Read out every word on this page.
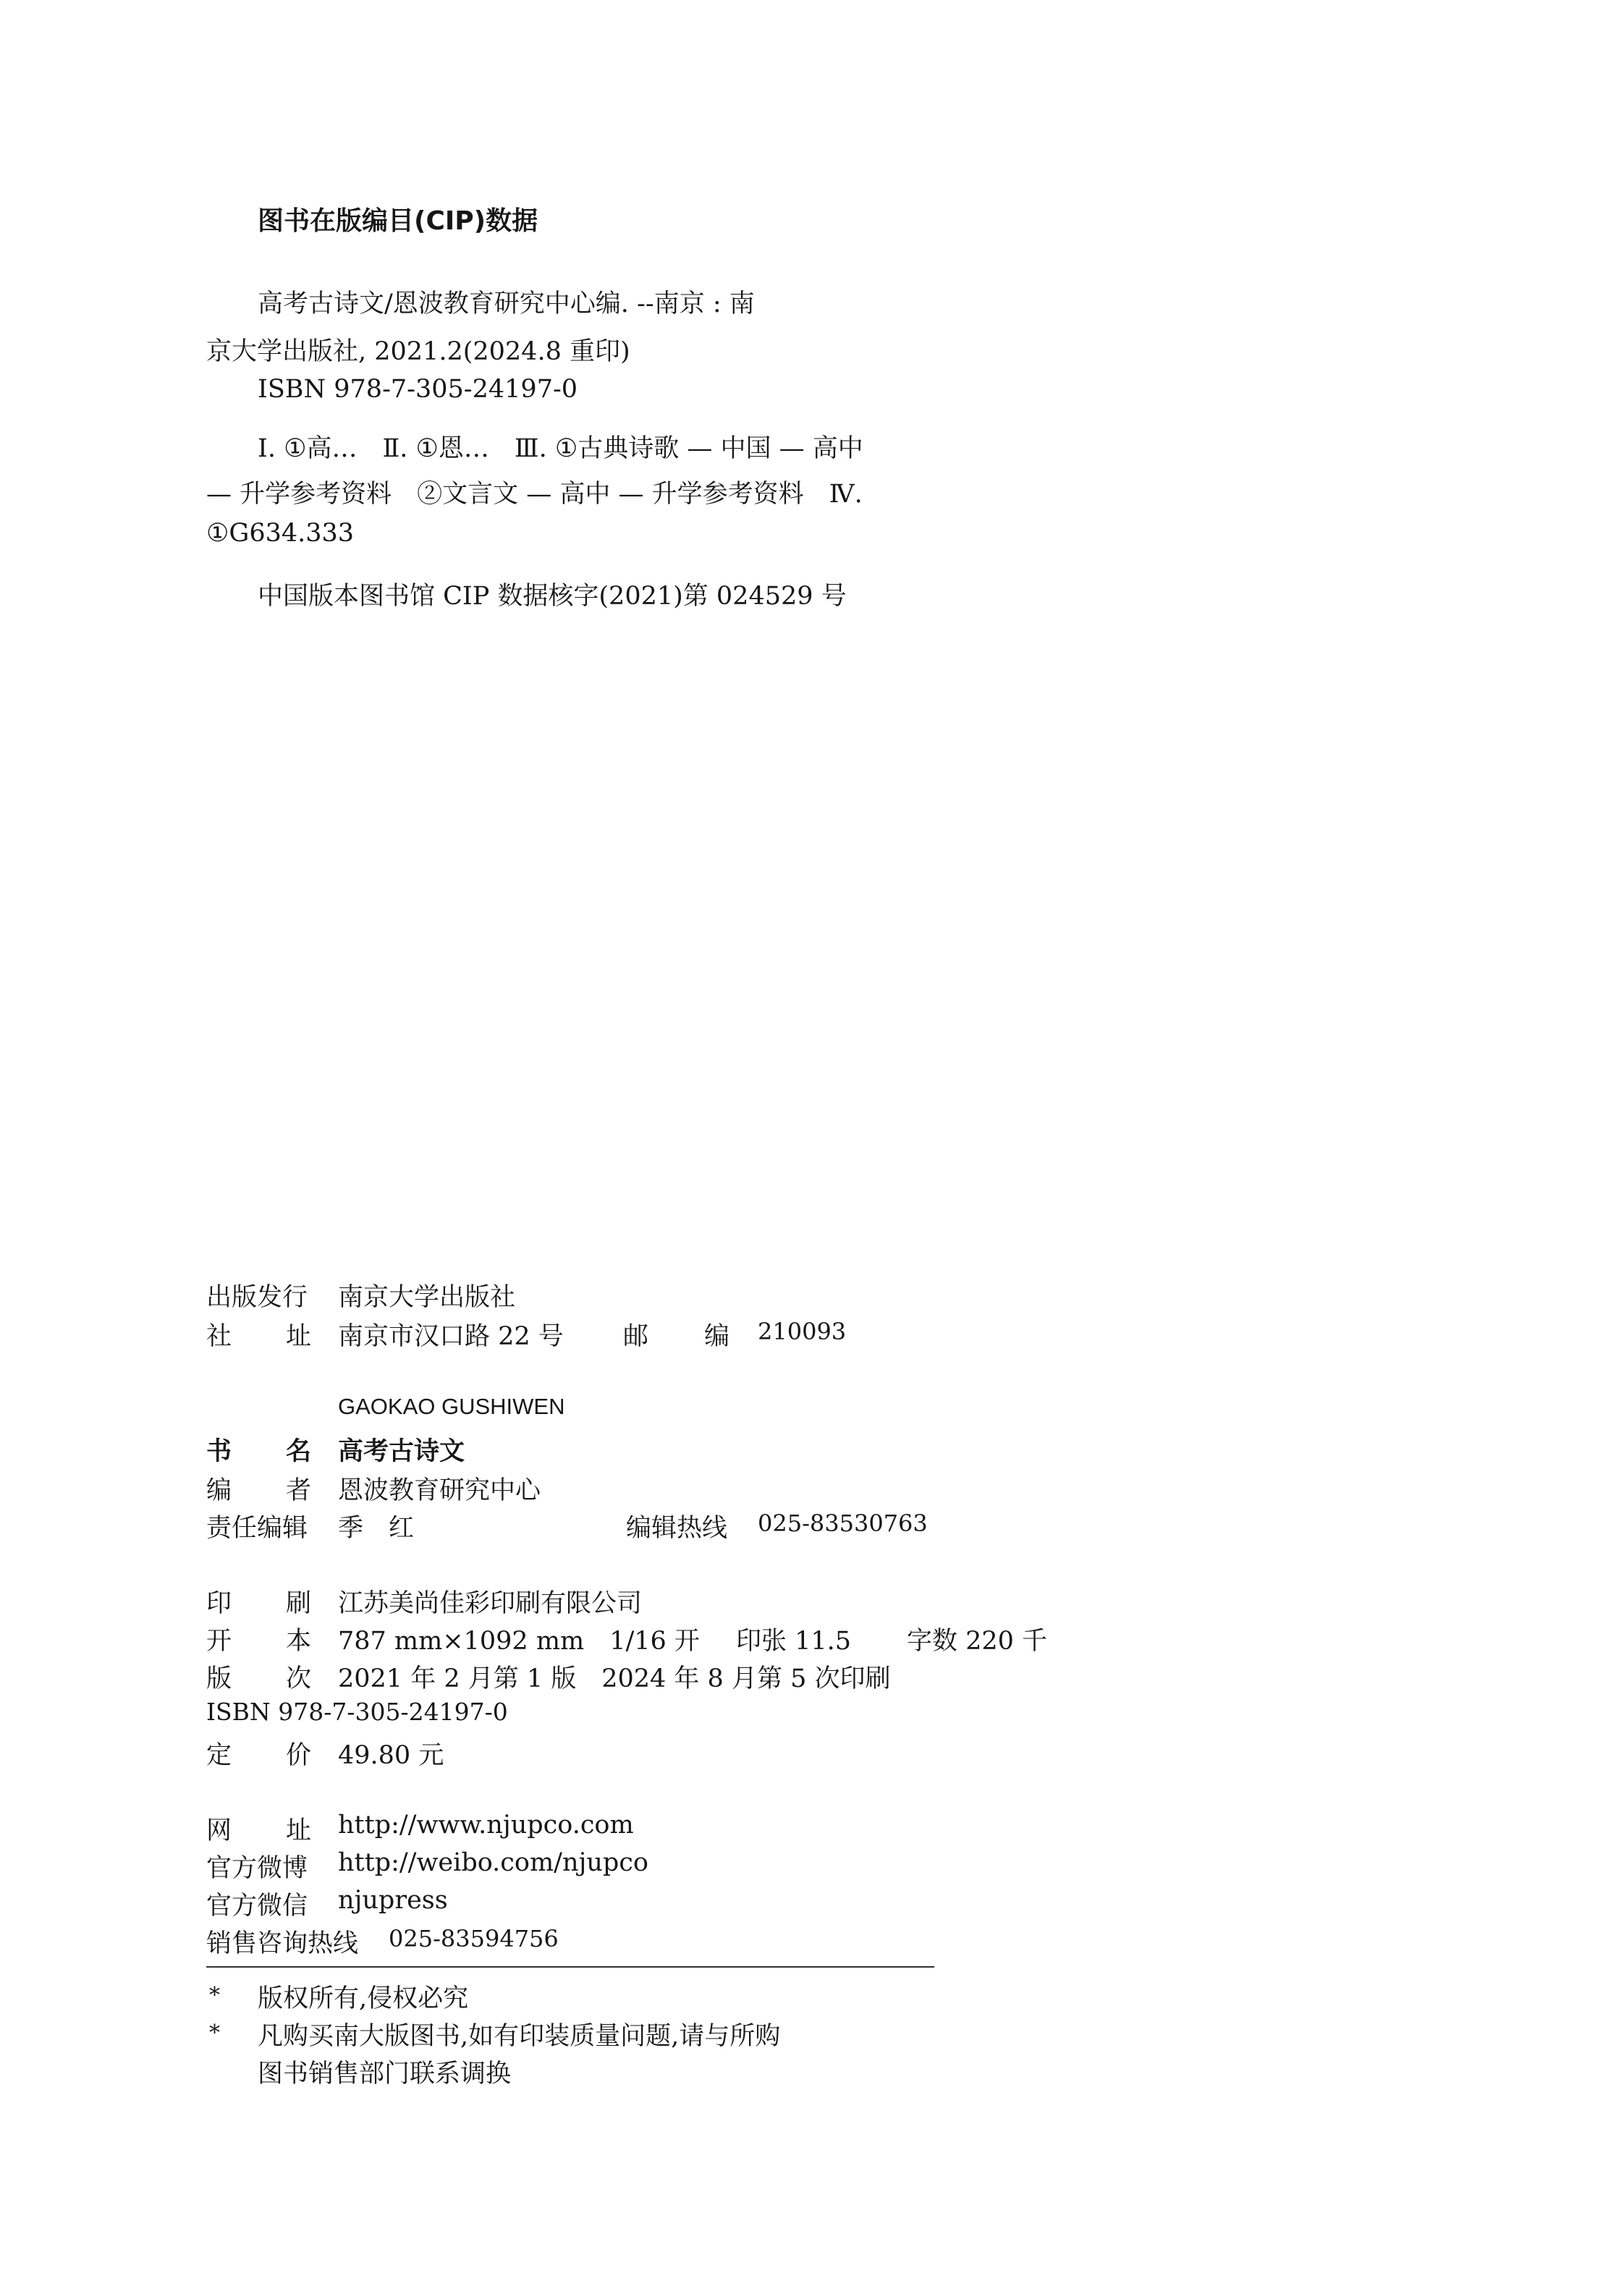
图书在版编目(CIP)数据
高考古诗文/恩波教育研究中心编. --南京 : 南
京大学出版社, 2021.2(2024.8 重印)
ISBN 978-7-305-24197-0
Ⅰ. ①高…　Ⅱ. ①恩…　Ⅲ. ①古典诗歌 — 中国 — 高中
— 升学参考资料　②文言文 — 高中 — 升学参考资料　Ⅳ.
①G634.333
中国版本图书馆 CIP 数据核字(2021)第 024529 号
出版发行 南京大学出版社
社 址 南京市汉口路 22 号 邮 编 210093
GAOKAO GUSHIWEN
书 名 高考古诗文
编 者 恩波教育研究中心
责任编辑 季　红	编辑热线 025-83530763
印 刷 江苏美尚佳彩印刷有限公司
开 本 787 mm×1092 mm　1/16 开 印张 11.5 字数 220 千
版 次 2021 年 2 月第 1 版　2024 年 8 月第 5 次印刷
ISBN 978-7-305-24197-0
定 价 49.80 元
网 址 http://www.njupco.com
官方微博 http://weibo.com/njupco
官方微信 njupress
销售咨询热线 025-83594756
* 版权所有,侵权必究
* 凡购买南大版图书,如有印装质量问题,请与所购
图书销售部门联系调换
